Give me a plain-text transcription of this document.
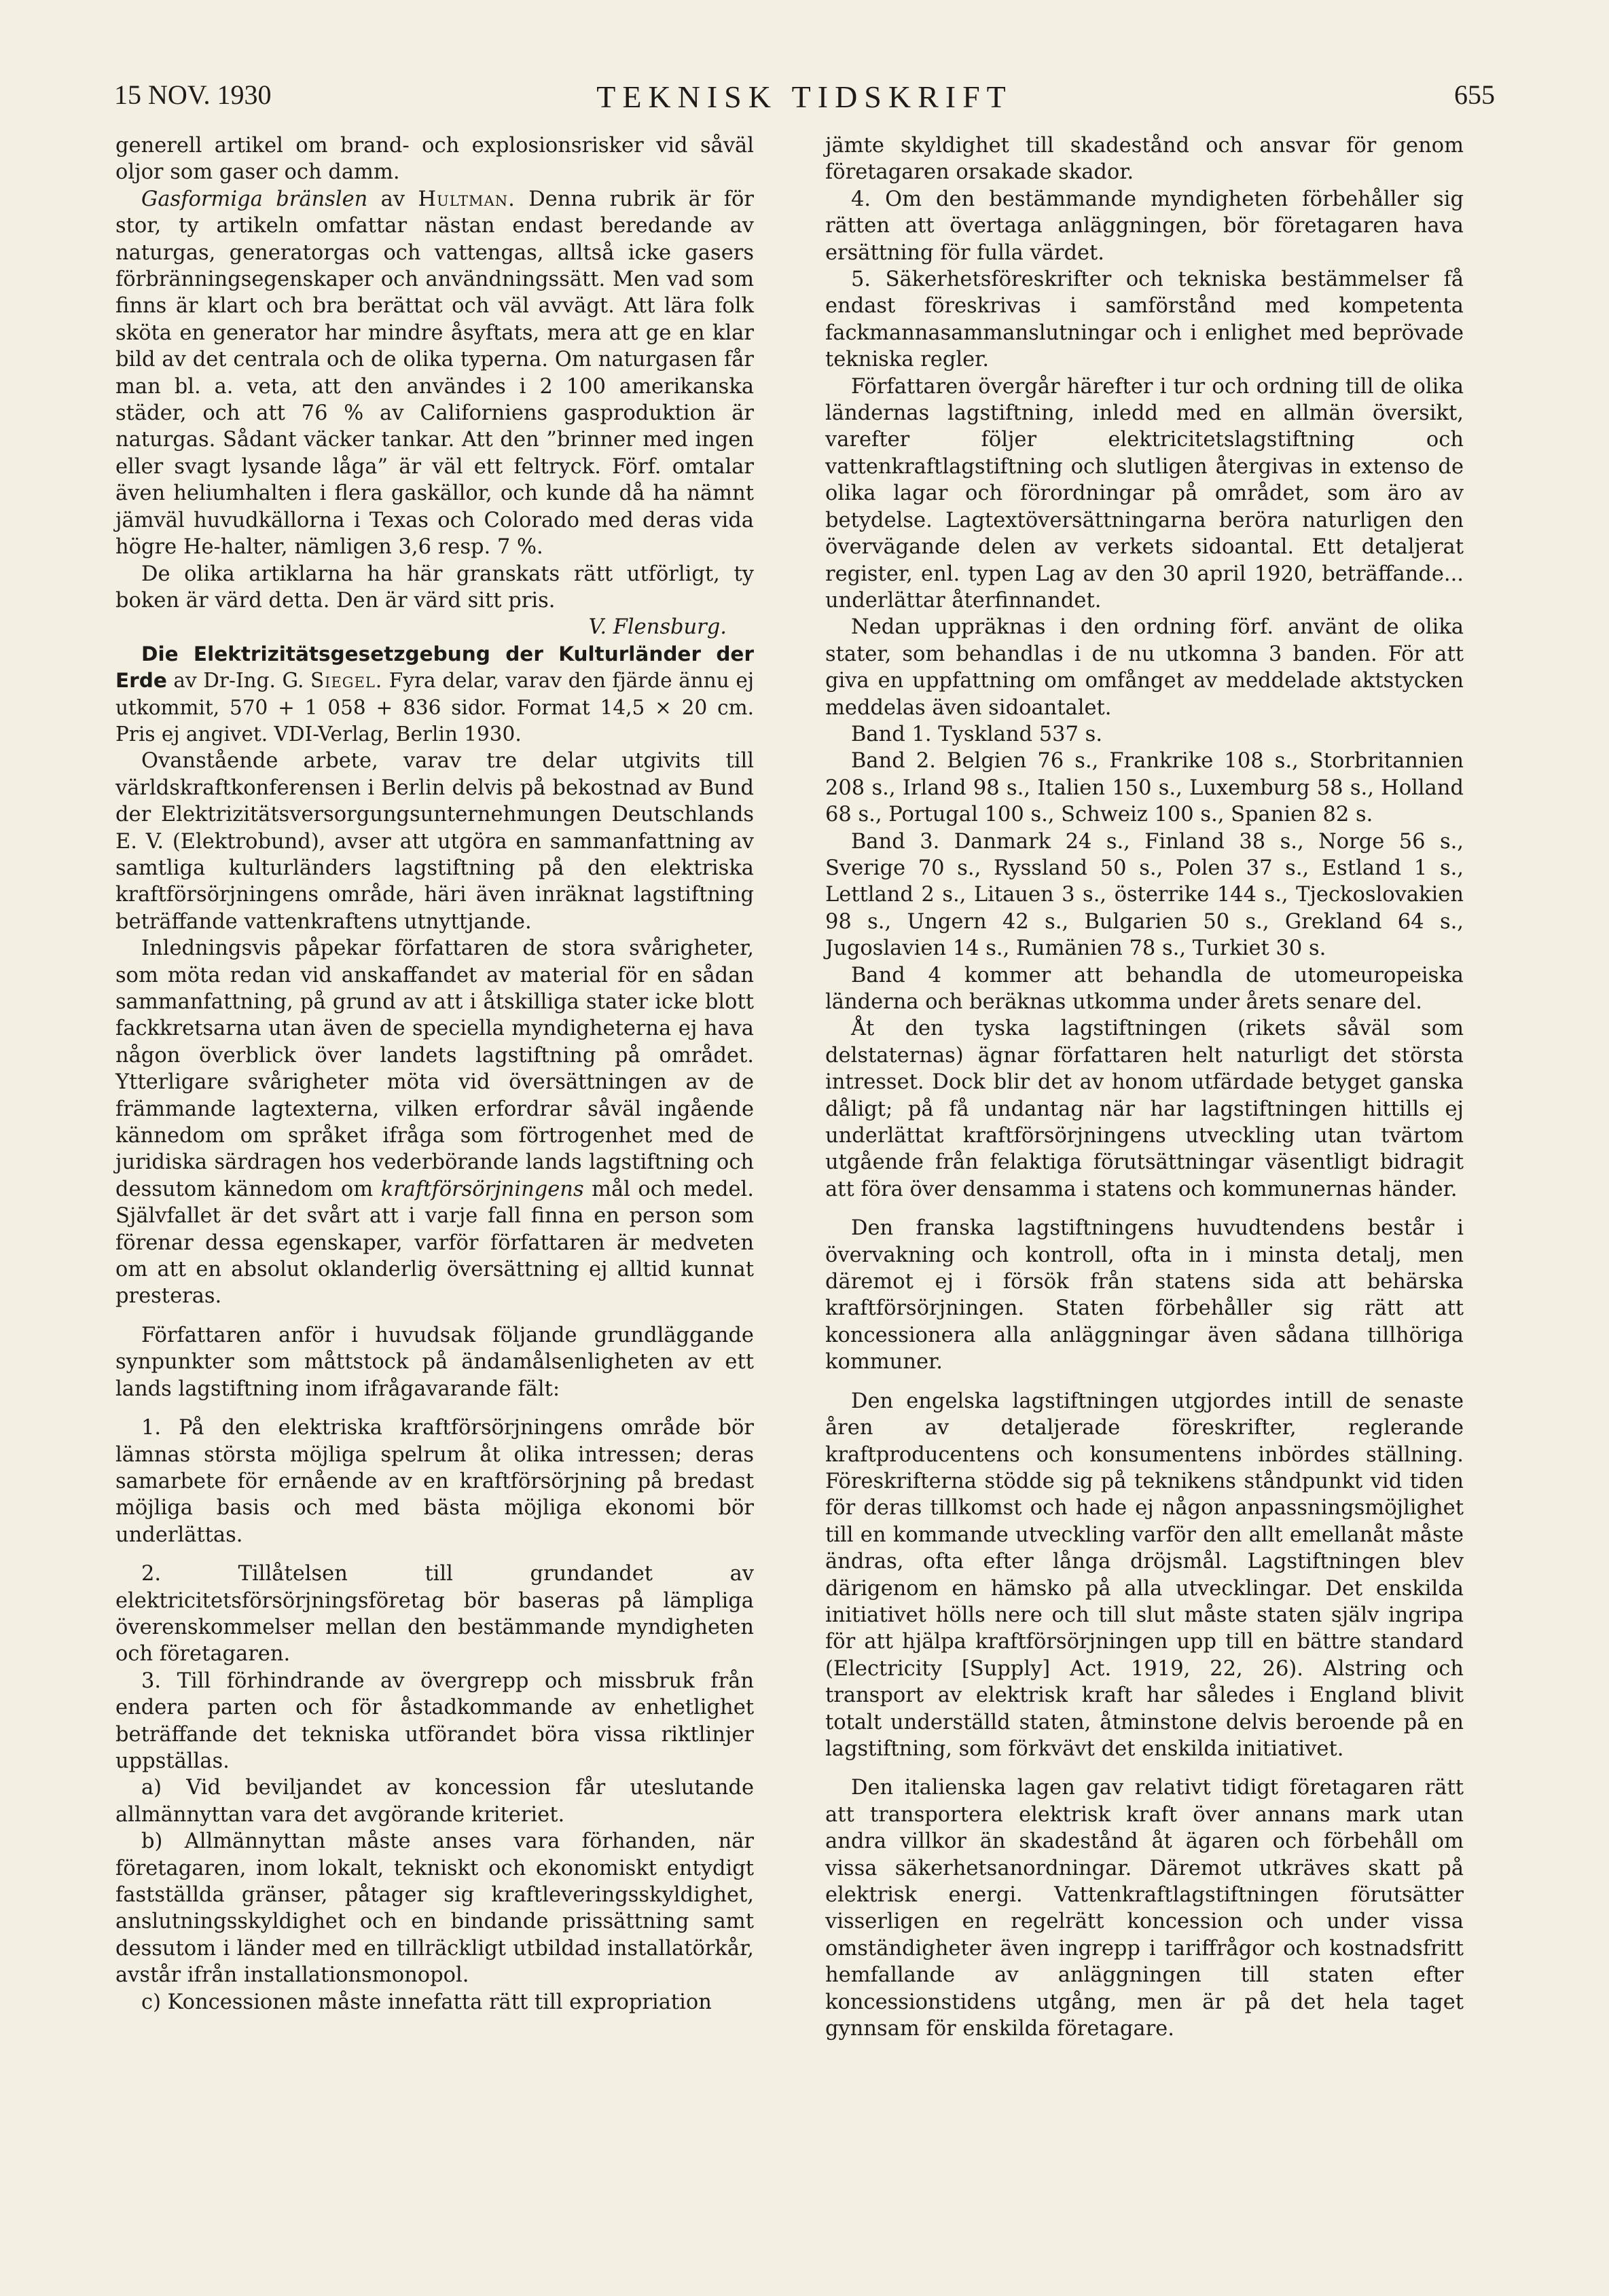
15 NOV. 1930	TEKNISK TIDSKRIFT	655

generell artikel om brand- och explosionsrisker vid såväl oljor som gaser och damm.

Gasformiga bränslen av Hultman. Denna rubrik är för stor, ty artikeln omfattar nästan endast beredande av naturgas, generatorgas och vattengas, alltså icke gasers förbränningsegenskaper och användningssätt. Men vad som finns är klart och bra berättat och väl avvägt. Att lära folk sköta en generator har mindre åsyftats, mera att ge en klar bild av det centrala och de olika typerna. Om naturgasen får man bl. a. veta, att den användes i 2 100 amerikanska städer, och att 76 % av Californiens gasproduktion är naturgas. Sådant väcker tankar. Att den ”brinner med ingen eller svagt lysande låga” är väl ett feltryck. Förf. omtalar även heliumhalten i flera gaskällor, och kunde då ha nämnt jämväl huvudkällorna i Texas och Colorado med deras vida högre He-halter, nämligen 3,6 resp. 7 %.

De olika artiklarna ha här granskats rätt utförligt, ty boken är värd detta. Den är värd sitt pris.

V. Flensburg.

Die Elektrizitätsgesetzgebung der Kulturländer der Erde av Dr-Ing. G. Siegel. Fyra delar, varav den fjärde ännu ej utkommit, 570 + 1 058 + 836 sidor. Format 14,5 × 20 cm. Pris ej angivet. VDI-Verlag, Berlin 1930.

Ovanstående arbete, varav tre delar utgivits till världskraftkonferensen i Berlin delvis på bekostnad av Bund der Elektrizitätsversorgungsunternehmungen Deutschlands E. V. (Elektrobund), avser att utgöra en sammanfattning av samtliga kulturländers lagstiftning på den elektriska kraftförsörjningens område, häri även inräknat lagstiftning beträffande vattenkraftens utnyttjande.

Inledningsvis påpekar författaren de stora svårigheter, som möta redan vid anskaffandet av material för en sådan sammanfattning, på grund av att i åtskilliga stater icke blott fackkretsarna utan även de speciella myndigheterna ej hava någon överblick över landets lagstiftning på området. Ytterligare svårigheter möta vid översättningen av de främmande lagtexterna, vilken erfordrar såväl ingående kännedom om språket ifråga som förtrogenhet med de juridiska särdragen hos vederbörande lands lagstiftning och dessutom kännedom om kraftförsörjningens mål och medel. Självfallet är det svårt att i varje fall finna en person som förenar dessa egenskaper, varför författaren är medveten om att en absolut oklanderlig översättning ej alltid kunnat presteras.

Författaren anför i huvudsak följande grundläggande synpunkter som måttstock på ändamålsenligheten av ett lands lagstiftning inom ifrågavarande fält:

1. På den elektriska kraftförsörjningens område bör lämnas största möjliga spelrum åt olika intressen; deras samarbete för ernående av en kraftförsörjning på bredast möjliga basis och med bästa möjliga ekonomi bör underlättas.

2. Tillåtelsen till grundandet av elektricitetsförsörjningsföretag bör baseras på lämpliga överenskommelser mellan den bestämmande myndigheten och företagaren.

3. Till förhindrande av övergrepp och missbruk från endera parten och för åstadkommande av enhetlighet beträffande det tekniska utförandet böra vissa riktlinjer uppställas.

a) Vid beviljandet av koncession får uteslutande allmännyttan vara det avgörande kriteriet.

b) Allmännyttan måste anses vara förhanden, när företagaren, inom lokalt, tekniskt och ekonomiskt entydigt fastställda gränser, påtager sig kraftleveringsskyldighet, anslutningsskyldighet och en bindande prissättning samt dessutom i länder med en tillräckligt utbildad installatörkår, avstår ifrån installationsmonopol.

c) Koncessionen måste innefatta rätt till expropriation

jämte skyldighet till skadestånd och ansvar för genom företagaren orsakade skador.

4. Om den bestämmande myndigheten förbehåller sig rätten att övertaga anläggningen, bör företagaren hava ersättning för fulla värdet.

5. Säkerhetsföreskrifter och tekniska bestämmelser få endast föreskrivas i samförstånd med kompetenta fackmannasammanslutningar och i enlighet med beprövade tekniska regler.

Författaren övergår härefter i tur och ordning till de olika ländernas lagstiftning, inledd med en allmän översikt, varefter följer elektricitetslagstiftning och vattenkraftlagstiftning och slutligen återgivas in extenso de olika lagar och förordningar på området, som äro av betydelse. Lagtextöversättningarna beröra naturligen den övervägande delen av verkets sidoantal. Ett detaljerat register, enl. typen Lag av den 30 april 1920, beträffande... underlättar återfinnandet.

Nedan uppräknas i den ordning förf. använt de olika stater, som behandlas i de nu utkomna 3 banden. För att giva en uppfattning om omfånget av meddelade aktstycken meddelas även sidoantalet.

Band 1. Tyskland 537 s.

Band 2. Belgien 76 s., Frankrike 108 s., Storbritannien 208 s., Irland 98 s., Italien 150 s., Luxemburg 58 s., Holland 68 s., Portugal 100 s., Schweiz 100 s., Spanien 82 s.

Band 3. Danmark 24 s., Finland 38 s., Norge 56 s., Sverige 70 s., Ryssland 50 s., Polen 37 s., Estland 1 s., Lettland 2 s., Litauen 3 s., österrike 144 s., Tjeckoslovakien 98 s., Ungern 42 s., Bulgarien 50 s., Grekland 64 s., Jugoslavien 14 s., Rumänien 78 s., Turkiet 30 s.

Band 4 kommer att behandla de utomeuropeiska länderna och beräknas utkomma under årets senare del.

Åt den tyska lagstiftningen (rikets såväl som delstaternas) ägnar författaren helt naturligt det största intresset. Dock blir det av honom utfärdade betyget ganska dåligt; på få undantag när har lagstiftningen hittills ej underlättat kraftförsörjningens utveckling utan tvärtom utgående från felaktiga förutsättningar väsentligt bidragit att föra över densamma i statens och kommunernas händer.

Den franska lagstiftningens huvudtendens består i övervakning och kontroll, ofta in i minsta detalj, men däremot ej i försök från statens sida att behärska kraftförsörjningen. Staten förbehåller sig rätt att koncessionera alla anläggningar även sådana tillhöriga kommuner.

Den engelska lagstiftningen utgjordes intill de senaste åren av detaljerade föreskrifter, reglerande kraftproducentens och konsumentens inbördes ställning. Föreskrifterna stödde sig på teknikens ståndpunkt vid tiden för deras tillkomst och hade ej någon anpassningsmöjlighet till en kommande utveckling varför den allt emellanåt måste ändras, ofta efter långa dröjsmål. Lagstiftningen blev därigenom en hämsko på alla utvecklingar. Det enskilda initiativet hölls nere och till slut måste staten själv ingripa för att hjälpa kraftförsörjningen upp till en bättre standard (Electricity [Supply] Act. 1919, 22, 26). Alstring och transport av elektrisk kraft har således i England blivit totalt underställd staten, åtminstone delvis beroende på en lagstiftning, som förkvävt det enskilda initiativet.

Den italienska lagen gav relativt tidigt företagaren rätt att transportera elektrisk kraft över annans mark utan andra villkor än skadestånd åt ägaren och förbehåll om vissa säkerhetsanordningar. Däremot utkräves skatt på elektrisk energi. Vattenkraftlagstiftningen förutsätter visserligen en regelrätt koncession och under vissa omständigheter även ingrepp i tariffrågor och kostnadsfritt hemfallande av anläggningen till staten efter koncessionstidens utgång, men är på det hela taget gynnsam för enskilda företagare.
